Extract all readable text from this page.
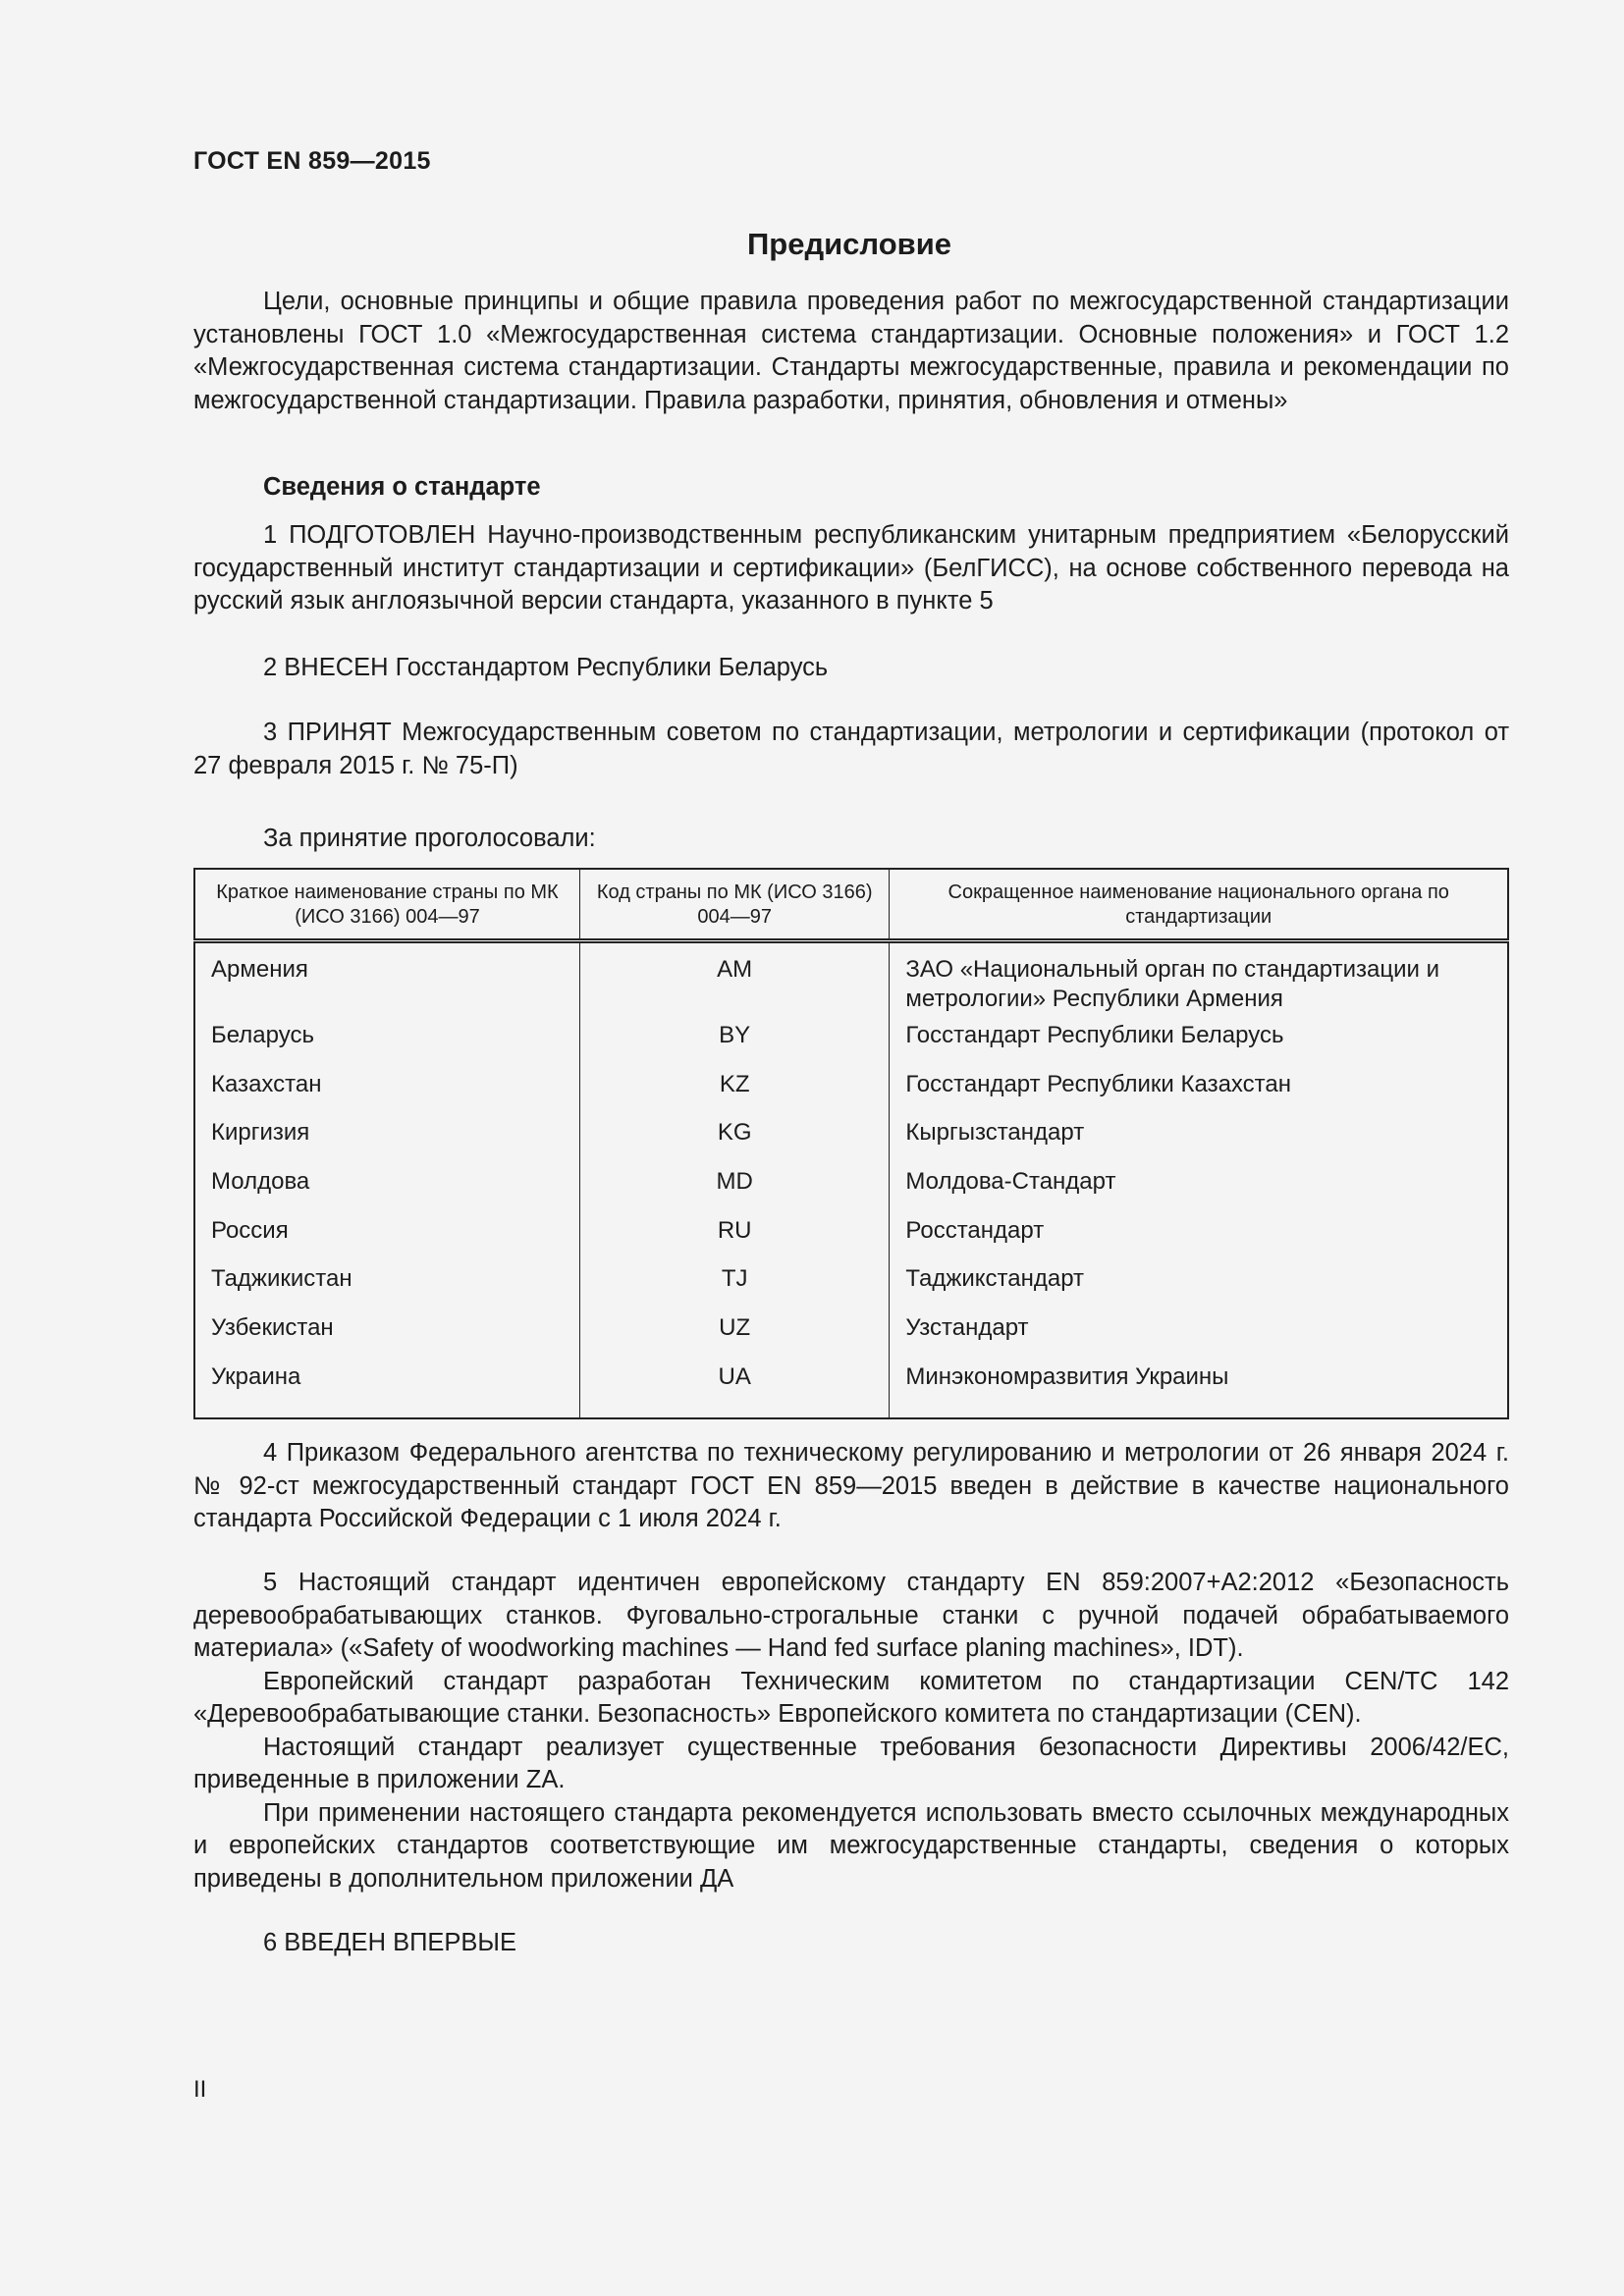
ГОСТ EN 859—2015
Предисловие

Цели, основные принципы и общие правила проведения работ по межгосударственной стандартизации установлены ГОСТ 1.0 «Межгосударственная система стандартизации. Основные положения» и ГОСТ 1.2 «Межгосударственная система стандартизации. Стандарты межгосударственные, правила и рекомендации по межгосударственной стандартизации. Правила разработки, принятия, обновления и отмены»

Сведения о стандарте

1 ПОДГОТОВЛЕН Научно-производственным республиканским унитарным предприятием «Белорусский государственный институт стандартизации и сертификации» (БелГИСС), на основе собственного перевода на русский язык англоязычной версии стандарта, указанного в пункте 5

2 ВНЕСЕН Госстандартом Республики Беларусь

3 ПРИНЯТ Межгосударственным советом по стандартизации, метрологии и сертификации (протокол от 27 февраля 2015 г. № 75-П)

За принятие проголосовали:

Краткое наименование страны по МК (ИСО 3166) 004—97	Код страны по МК (ИСО 3166) 004—97	Сокращенное наименование национального органа по стандартизации
Армения	AM	ЗАО «Национальный орган по стандартизации и метрологии» Республики Армения
Беларусь	BY	Госстандарт Республики Беларусь
Казахстан	KZ	Госстандарт Республики Казахстан
Киргизия	KG	Кыргызстандарт
Молдова	MD	Молдова-Стандарт
Россия	RU	Росстандарт
Таджикистан	TJ	Таджикстандарт
Узбекистан	UZ	Узстандарт
Украина	UA	Минэкономразвития Украины

4 Приказом Федерального агентства по техническому регулированию и метрологии от 26 января 2024 г. № 92-ст межгосударственный стандарт ГОСТ EN 859—2015 введен в действие в качестве национального стандарта Российской Федерации с 1 июля 2024 г.

5 Настоящий стандарт идентичен европейскому стандарту EN 859:2007+A2:2012 «Безопасность деревообрабатывающих станков. Фуговально-строгальные станки с ручной подачей обрабатываемого материала» («Safety of woodworking machines — Hand fed surface planing machines», IDT).

Европейский стандарт разработан Техническим комитетом по стандартизации CEN/TC 142 «Деревообрабатывающие станки. Безопасность» Европейского комитета по стандартизации (CEN).

Настоящий стандарт реализует существенные требования безопасности Директивы 2006/42/ЕС, приведенные в приложении ZA.

При применении настоящего стандарта рекомендуется использовать вместо ссылочных международных и европейских стандартов соответствующие им межгосударственные стандарты, сведения о которых приведены в дополнительном приложении ДА

6 ВВЕДЕН ВПЕРВЫЕ

II
